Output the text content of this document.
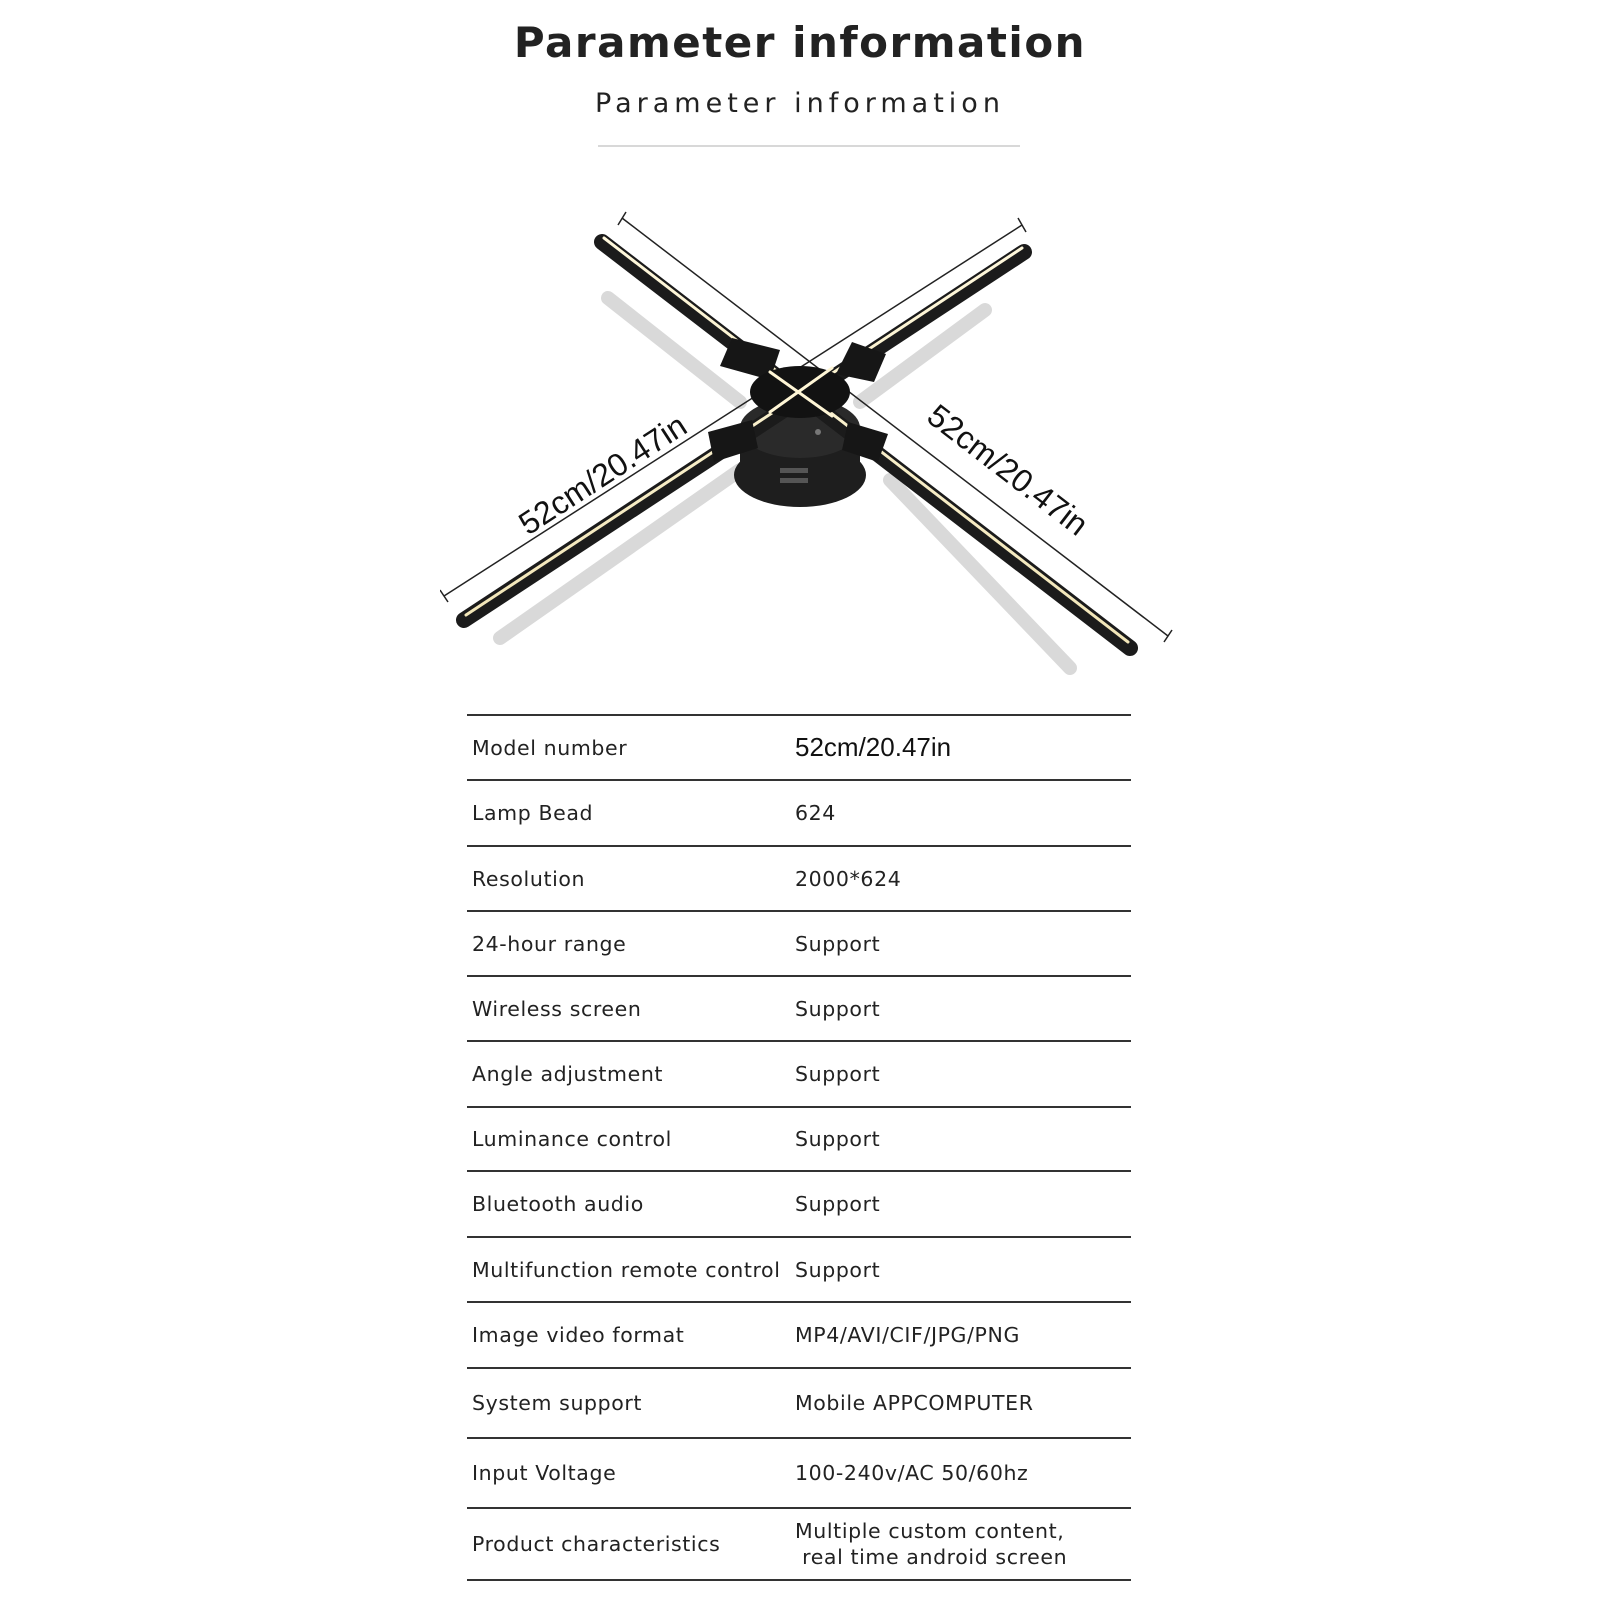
Parameter information
Parameter information
52cm/20.47in	52cm/20.47in
Model number	52cm/20.47in
Lamp Bead	624
Resolution	2000*624
24-hour range	Support
Wireless screen	Support
Angle adjustment	Support
Luminance control	Support
Bluetooth audio	Support
Multifunction remote control	Support
Image video format	MP4/AVI/CIF/JPG/PNG
System support	Mobile APPCOMPUTER
Input Voltage	100-240v/AC 50/60hz
Product characteristics	Multiple custom content,
real time android screen
